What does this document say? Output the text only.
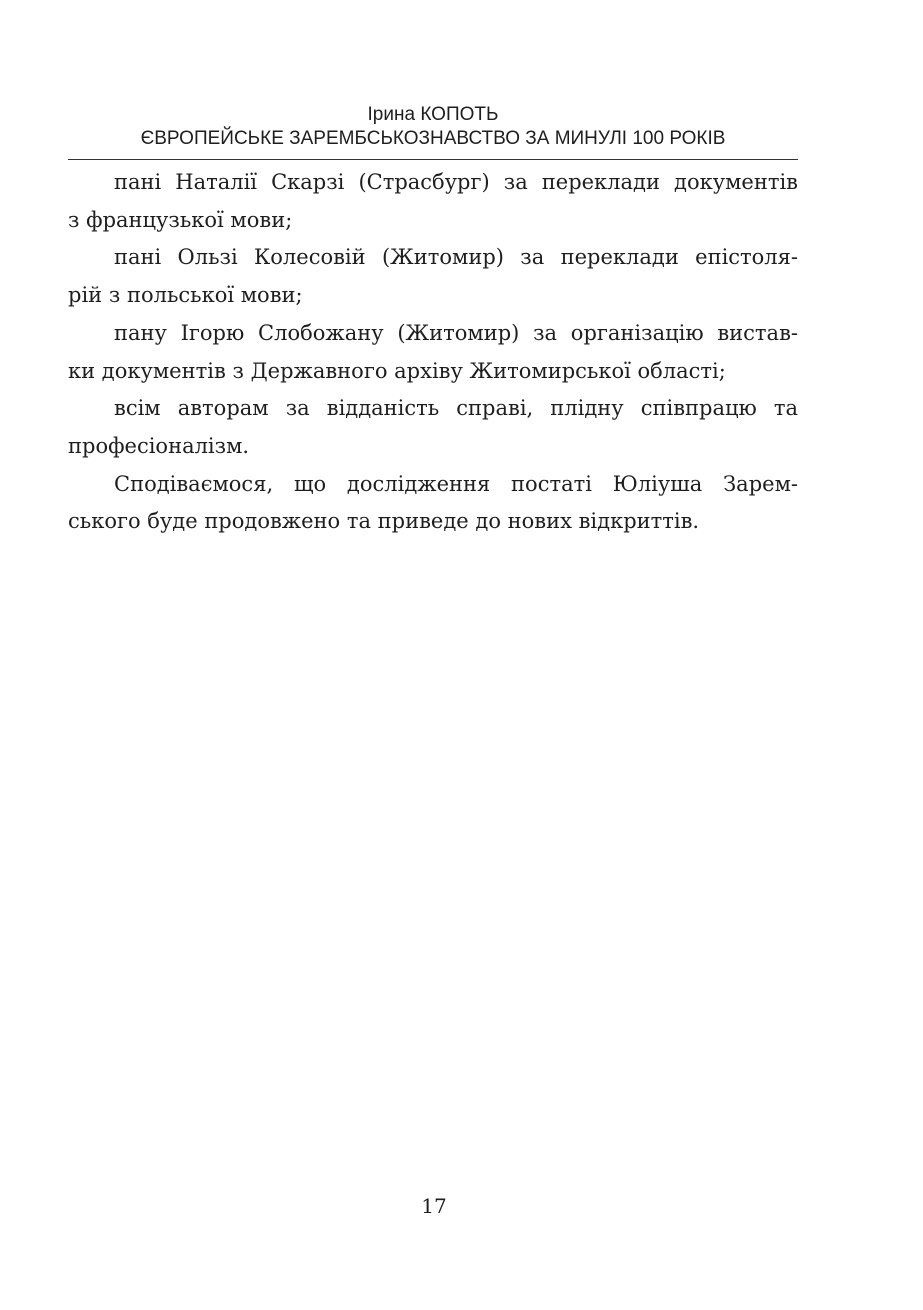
Ірина КОПОТЬ
ЄВРОПЕЙСЬКЕ ЗАРЕМБСЬКОЗНАВСТВО ЗА МИНУЛІ 100 РОКІВ

пані Наталії Скарзі (Страсбург) за переклади документів
з французької мови;

пані Ользі Колесовій (Житомир) за переклади епістоля-
рій з польської мови;

пану Ігорю Слобожану (Житомир) за організацію вистав-
ки документів з Державного архіву Житомирської області;

всім авторам за відданість справі, плідну співпрацю та
професіоналізм.

Сподіваємося, що дослідження постаті Юліуша Зарем-
ського буде продовжено та приведе до нових відкриттів.

17
